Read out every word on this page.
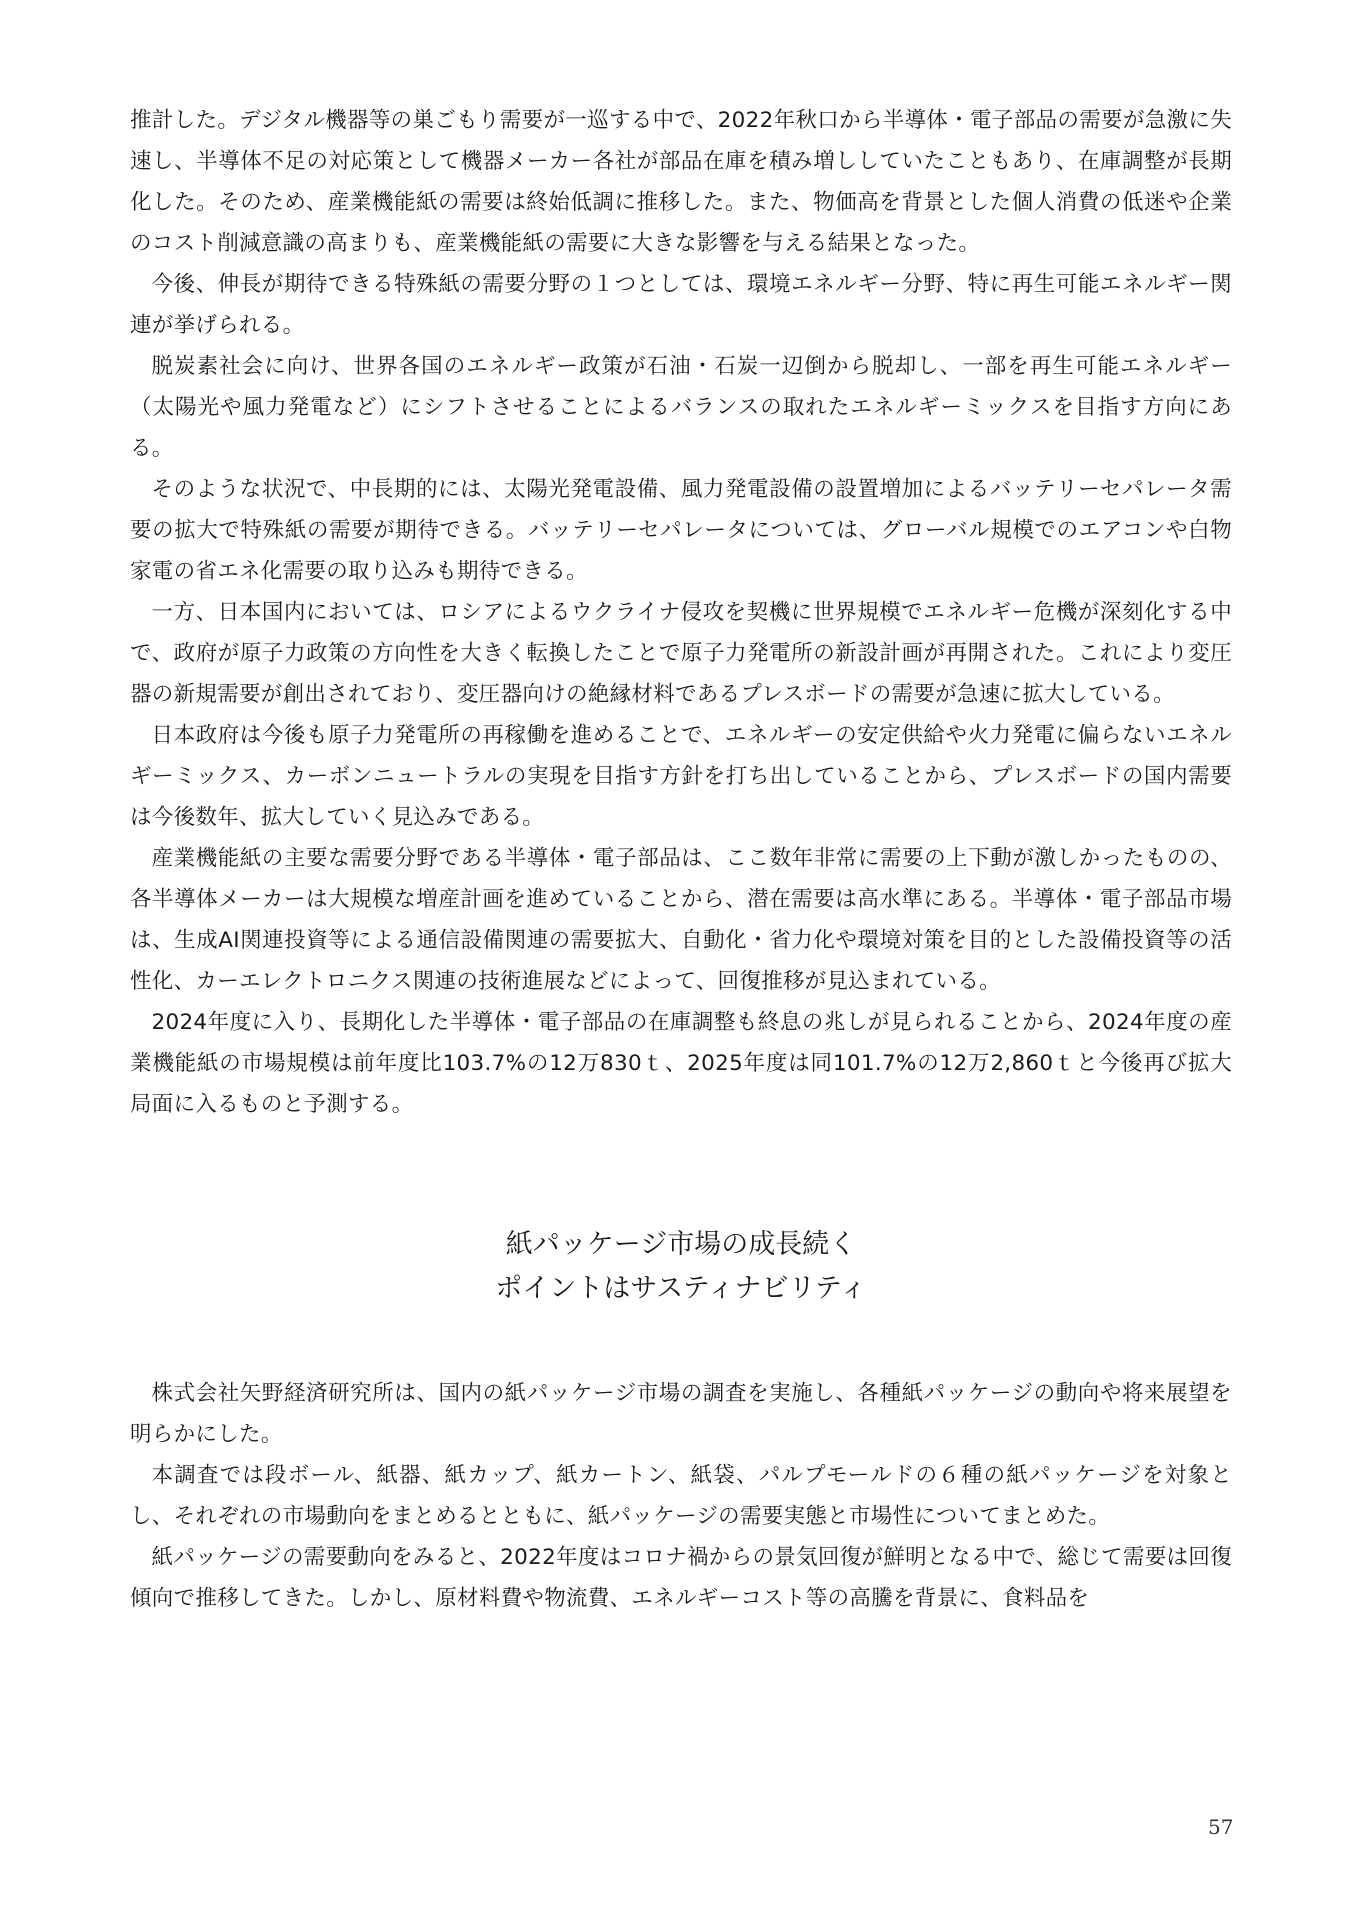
推計した。デジタル機器等の巣ごもり需要が一巡する中で、2022年秋口から半導体・電子部品の需要が急激に失速し、半導体不足の対応策として機器メーカー各社が部品在庫を積み増ししていたこともあり、在庫調整が長期化した。そのため、産業機能紙の需要は終始低調に推移した。また、物価高を背景とした個人消費の低迷や企業のコスト削減意識の高まりも、産業機能紙の需要に大きな影響を与える結果となった。

今後、伸長が期待できる特殊紙の需要分野の１つとしては、環境エネルギー分野、特に再生可能エネルギー関連が挙げられる。

脱炭素社会に向け、世界各国のエネルギー政策が石油・石炭一辺倒から脱却し、一部を再生可能エネルギー（太陽光や風力発電など）にシフトさせることによるバランスの取れたエネルギーミックスを目指す方向にある。

そのような状況で、中長期的には、太陽光発電設備、風力発電設備の設置増加によるバッテリーセパレータ需要の拡大で特殊紙の需要が期待できる。バッテリーセパレータについては、グローバル規模でのエアコンや白物家電の省エネ化需要の取り込みも期待できる。

一方、日本国内においては、ロシアによるウクライナ侵攻を契機に世界規模でエネルギー危機が深刻化する中で、政府が原子力政策の方向性を大きく転換したことで原子力発電所の新設計画が再開された。これにより変圧器の新規需要が創出されており、変圧器向けの絶縁材料であるプレスボードの需要が急速に拡大している。

日本政府は今後も原子力発電所の再稼働を進めることで、エネルギーの安定供給や火力発電に偏らないエネルギーミックス、カーボンニュートラルの実現を目指す方針を打ち出していることから、プレスボードの国内需要は今後数年、拡大していく見込みである。

産業機能紙の主要な需要分野である半導体・電子部品は、ここ数年非常に需要の上下動が激しかったものの、各半導体メーカーは大規模な増産計画を進めていることから、潜在需要は高水準にある。半導体・電子部品市場は、生成AI関連投資等による通信設備関連の需要拡大、自動化・省力化や環境対策を目的とした設備投資等の活性化、カーエレクトロニクス関連の技術進展などによって、回復推移が見込まれている。

2024年度に入り、長期化した半導体・電子部品の在庫調整も終息の兆しが見られることから、2024年度の産業機能紙の市場規模は前年度比103.7%の12万830ｔ、2025年度は同101.7%の12万2,860ｔと今後再び拡大局面に入るものと予測する。

紙パッケージ市場の成長続く
ポイントはサスティナビリティ

株式会社矢野経済研究所は、国内の紙パッケージ市場の調査を実施し、各種紙パッケージの動向や将来展望を明らかにした。

本調査では段ボール、紙器、紙カップ、紙カートン、紙袋、パルプモールドの６種の紙パッケージを対象とし、それぞれの市場動向をまとめるとともに、紙パッケージの需要実態と市場性についてまとめた。

紙パッケージの需要動向をみると、2022年度はコロナ禍からの景気回復が鮮明となる中で、総じて需要は回復傾向で推移してきた。しかし、原材料費や物流費、エネルギーコスト等の高騰を背景に、食料品を

57
